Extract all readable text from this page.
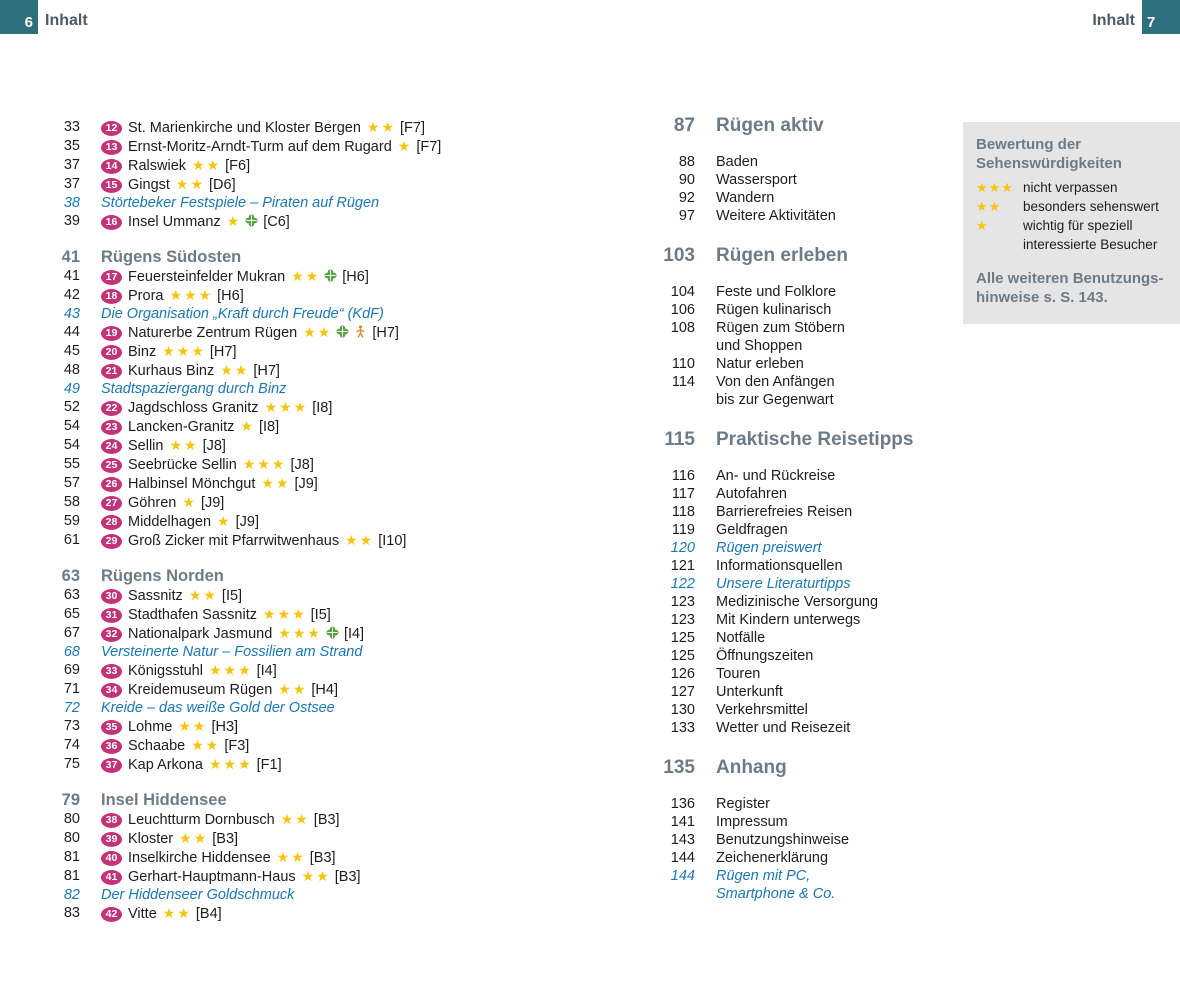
6 Inhalt	Inhalt 7
33	12 St. Marienkirche und Kloster Bergen ★★ [F7]
35	13 Ernst-Moritz-Arndt-Turm auf dem Rugard ★ [F7]
37	14 Ralswiek ★★ [F6]
37	15 Gingst ★★ [D6]
38 Störtebeker Festspiele – Piraten auf Rügen
39	16 Insel Ummanz ★ [C6]
41 Rügens Südosten
41	17 Feuersteinfelder Mukran ★★ [H6]
42	18 Prora ★★★ [H6]
43 Die Organisation „Kraft durch Freude“ (KdF)
44	19 Naturerbe Zentrum Rügen ★★	[H7]
45	20 Binz ★★★ [H7]
48	21 Kurhaus Binz ★★ [H7]
49 Stadtspaziergang durch Binz
52	22 Jagdschloss Granitz ★★★ [I8]
54	23 Lancken-Granitz ★ [I8]
54	24 Sellin ★★ [J8]
55	25 Seebrücke Sellin ★★★ [J8]
57	26 Halbinsel Mönchgut ★★ [J9]
58	27 Göhren ★ [J9]
59	28 Middelhagen ★ [J9]
61	29 Groß Zicker mit Pfarrwitwenhaus ★★ [I10]
63 Rügens Norden
63	30 Sassnitz ★★ [I5]
65	31 Stadthafen Sassnitz ★★★ [I5]
67	32 Nationalpark Jasmund ★★★ [I4]
68 Versteinerte Natur – Fossilien am Strand
69	33 Königsstuhl ★★★ [I4]
71	34 Kreidemuseum Rügen ★★ [H4]
72 Kreide – das weiße Gold der Ostsee
73	35 Lohme ★★ [H3]
74	36 Schaabe ★★ [F3]
75	37 Kap Arkona ★★★ [F1]
79 Insel Hiddensee
80	38 Leuchtturm Dornbusch ★★ [B3]
80	39 Kloster ★★ [B3]
81	40 Inselkirche Hiddensee ★★ [B3]
81	41 Gerhart-Hauptmann-Haus ★★ [B3]
82 Der Hiddenseer Goldschmuck
83	42 Vitte ★★ [B4]
87 Rügen aktiv
88 Baden
90 Wassersport
92 Wandern
97 Weitere Aktivitäten
103 Rügen erleben
104 Feste und Folklore
106 Rügen kulinarisch
108 Rügen zum Stöbern
und Shoppen
110 Natur erleben
114 Von den Anfängen
bis zur Gegenwart
115 Praktische Reisetipps
116 An- und Rückreise
117 Autofahren
118 Barrierefreies Reisen
119 Geldfragen
120 Rügen preiswert
121 Informationsquellen
122 Unsere Literaturtipps
123 Medizinische Versorgung
123 Mit Kindern unterwegs
125 Notfälle
125 Öffnungszeiten
126 Touren
127 Unterkunft
130 Verkehrsmittel
133 Wetter und Reisezeit
135 Anhang
136 Register
141 Impressum
143 Benutzungshinweise
144 Zeichenerklärung
144 Rügen mit PC,
Smartphone & Co.
Bewertung der
Sehenswürdigkeiten
★★★ nicht verpassen
★★	besonders sehenswert
★	wichtig für speziell
interessierte Besucher
Alle weiteren Benutzungs-
hinweise s. S. 143.
